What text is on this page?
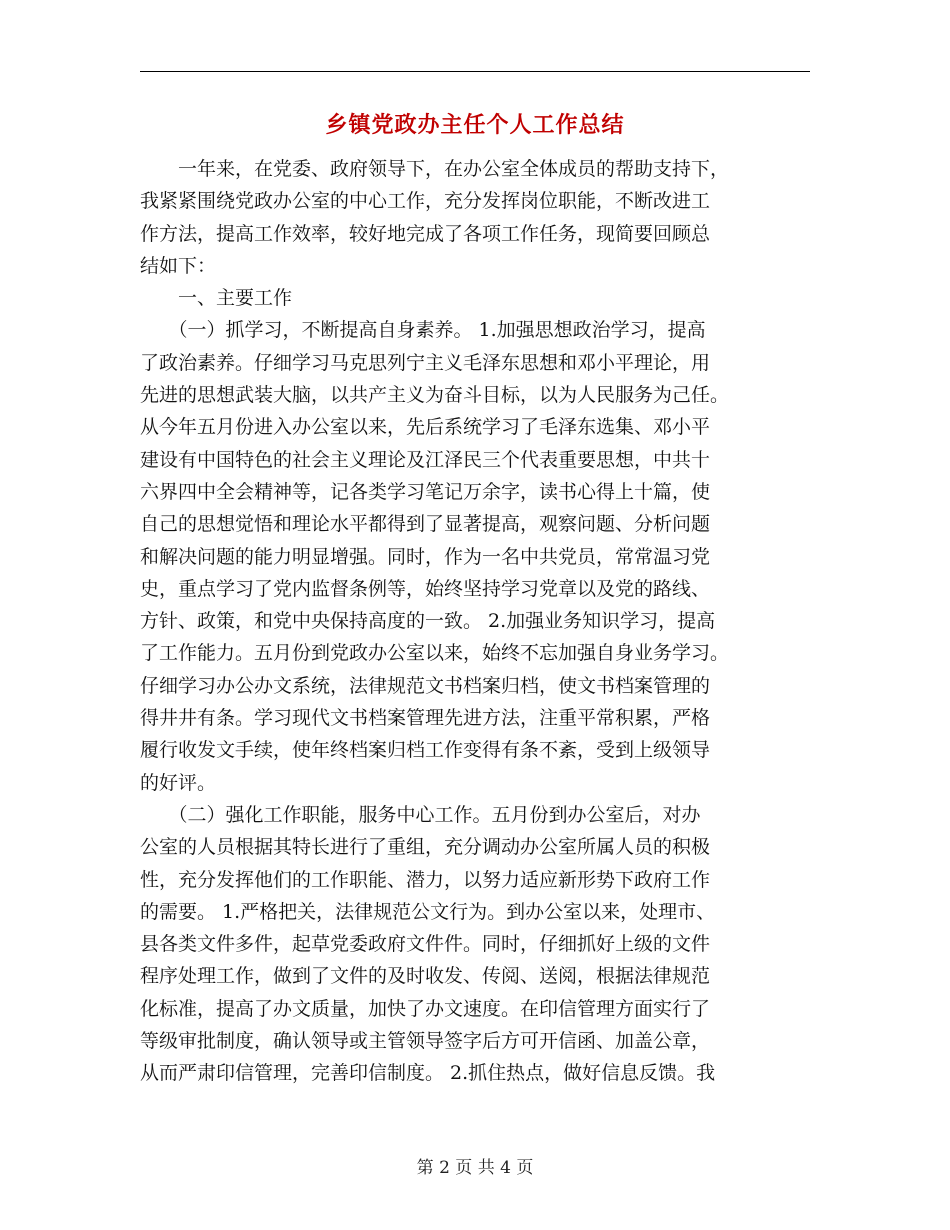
乡镇党政办主任个人工作总结

　　一年来，在党委、政府领导下，在办公室全体成员的帮助支持下，

我紧紧围绕党政办公室的中心工作，充分发挥岗位职能，不断改进工

作方法，提高工作效率，较好地完成了各项工作任务，现简要回顾总

结如下：

　　一、主要工作

　　（一）抓学习，不断提高自身素养。 1.加强思想政治学习，提高

了政治素养。仔细学习马克思列宁主义毛泽东思想和邓小平理论，用

先进的思想武装大脑，以共产主义为奋斗目标，以为人民服务为己任。

从今年五月份进入办公室以来，先后系统学习了毛泽东选集、邓小平

建设有中国特色的社会主义理论及江泽民三个代表重要思想，中共十

六界四中全会精神等，记各类学习笔记万余字，读书心得上十篇，使

自己的思想觉悟和理论水平都得到了显著提高，观察问题、分析问题

和解决问题的能力明显增强。同时，作为一名中共党员，常常温习党

史，重点学习了党内监督条例等，始终坚持学习党章以及党的路线、

方针、政策，和党中央保持高度的一致。 2.加强业务知识学习，提高

了工作能力。五月份到党政办公室以来，始终不忘加强自身业务学习。

仔细学习办公办文系统，法律规范文书档案归档，使文书档案管理的

得井井有条。学习现代文书档案管理先进方法，注重平常积累，严格

履行收发文手续，使年终档案归档工作变得有条不紊，受到上级领导

的好评。

　　（二）强化工作职能，服务中心工作。五月份到办公室后，对办

公室的人员根据其特长进行了重组，充分调动办公室所属人员的积极

性，充分发挥他们的工作职能、潜力，以努力适应新形势下政府工作

的需要。 1.严格把关，法律规范公文行为。到办公室以来，处理市、

县各类文件多件，起草党委政府文件件。同时，仔细抓好上级的文件

程序处理工作，做到了文件的及时收发、传阅、送阅，根据法律规范

化标准，提高了办文质量，加快了办文速度。在印信管理方面实行了

等级审批制度，确认领导或主管领导签字后方可开信函、加盖公章，

从而严肃印信管理，完善印信制度。 2.抓住热点，做好信息反馈。我

第 2 页 共 4 页
